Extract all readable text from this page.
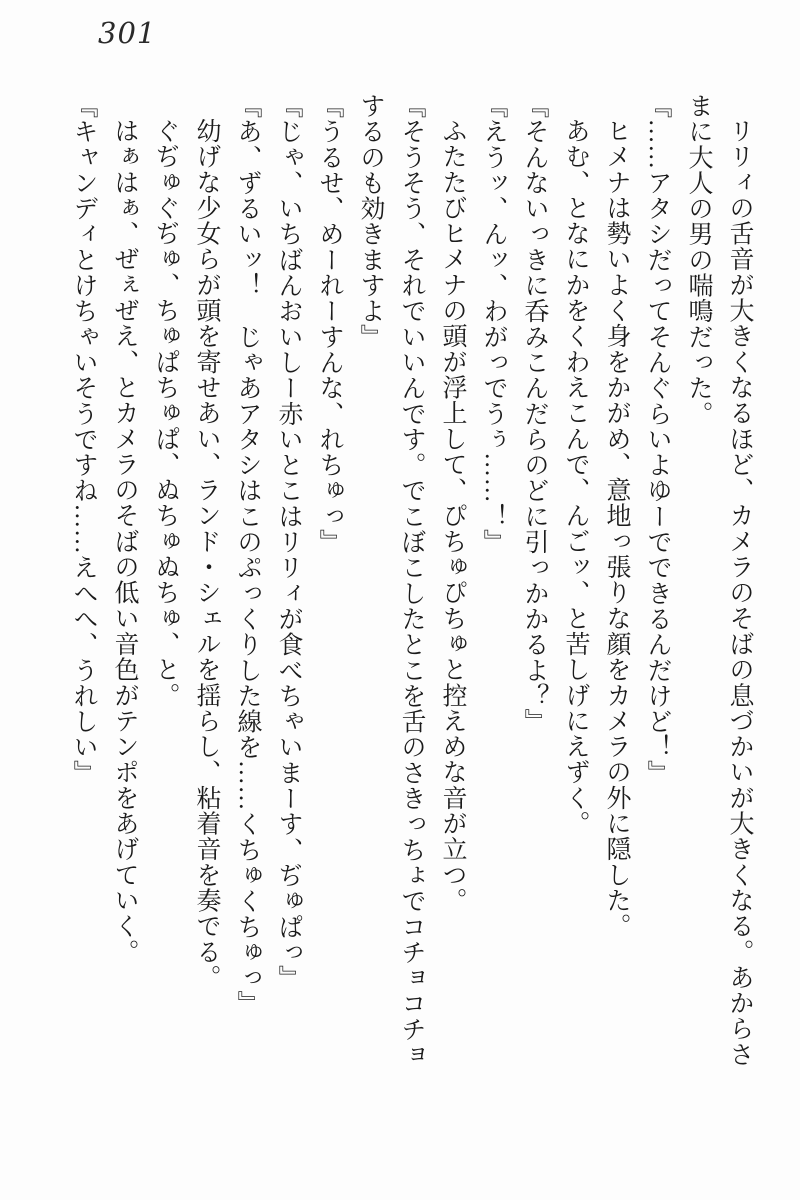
301

リリィの舌音が大きくなるほど、カメラのそばの息づかいが大きくなる。あからさまに大人の男の喘鳴だった。

『……アタシだってそんぐらいよゆーでできるんだけど！』

ヒメナは勢いよく身をかがめ、意地っ張りな顔をカメラの外に隠した。

あむ、となにかをくわえこんで、んごッ、と苦しげにえずく。

『そんないっきに呑みこんだらのどに引っかかるよ？』

『えうッ、んッ、わがっでうぅ……！』

ふたたびヒメナの頭が浮上して、ぴちゅぴちゅと控えめな音が立つ。

『そうそう、それでいいんです。でこぼこしたとこを舌のさきっちょでコチョコチョするのも効きますよ』

『うるせ、めーれーすんな、れちゅっ』

『じゃ、いちばんおいしー赤いとこはリリィが食べちゃいまーす、ぢゅぱっ』

『あ、ずるいッ！　じゃあアタシはこのぷっくりした線を……くちゅくちゅっ』

幼げな少女らが頭を寄せあい、ランド・シェルを揺らし、粘着音を奏でる。

ぐぢゅぐぢゅ、ちゅぱちゅぱ、ぬちゅぬちゅ、と。

はぁはぁ、ぜぇぜえ、とカメラのそばの低い音色がテンポをあげていく。

『キャンディとけちゃいそうですね……えへへ、うれしい』
